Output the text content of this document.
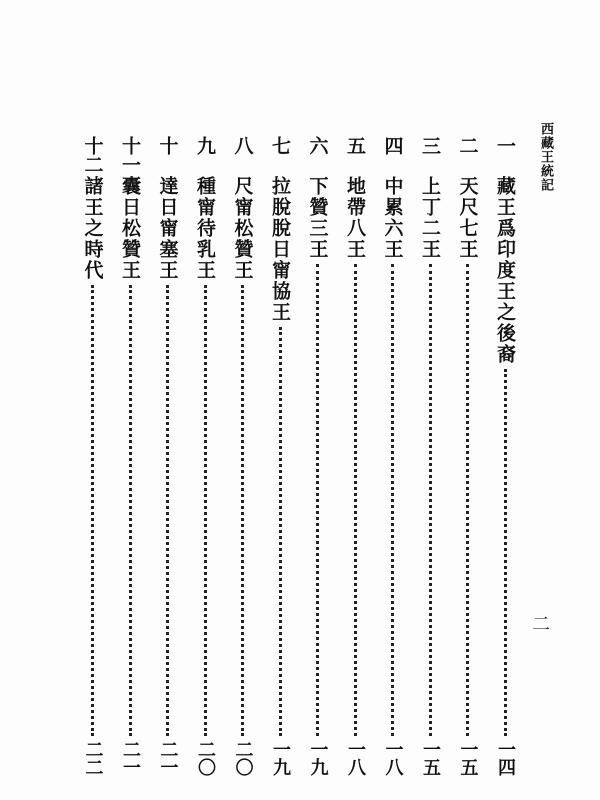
西藏王統記
二
一
藏王爲印度王之後裔
一四
二
天尺七王
一五
三
上丁二王
一五
四
中累六王
一八
五
地帶八王
一八
六
下贊三王
一九
七
拉脫脫日甯協王
一九
八
尺甯松贊王
二〇
九
種甯待乳王
二〇
十
達日甯塞王
二一
十一
囊日松贊王
二一
十二
諸王之時代
二二
